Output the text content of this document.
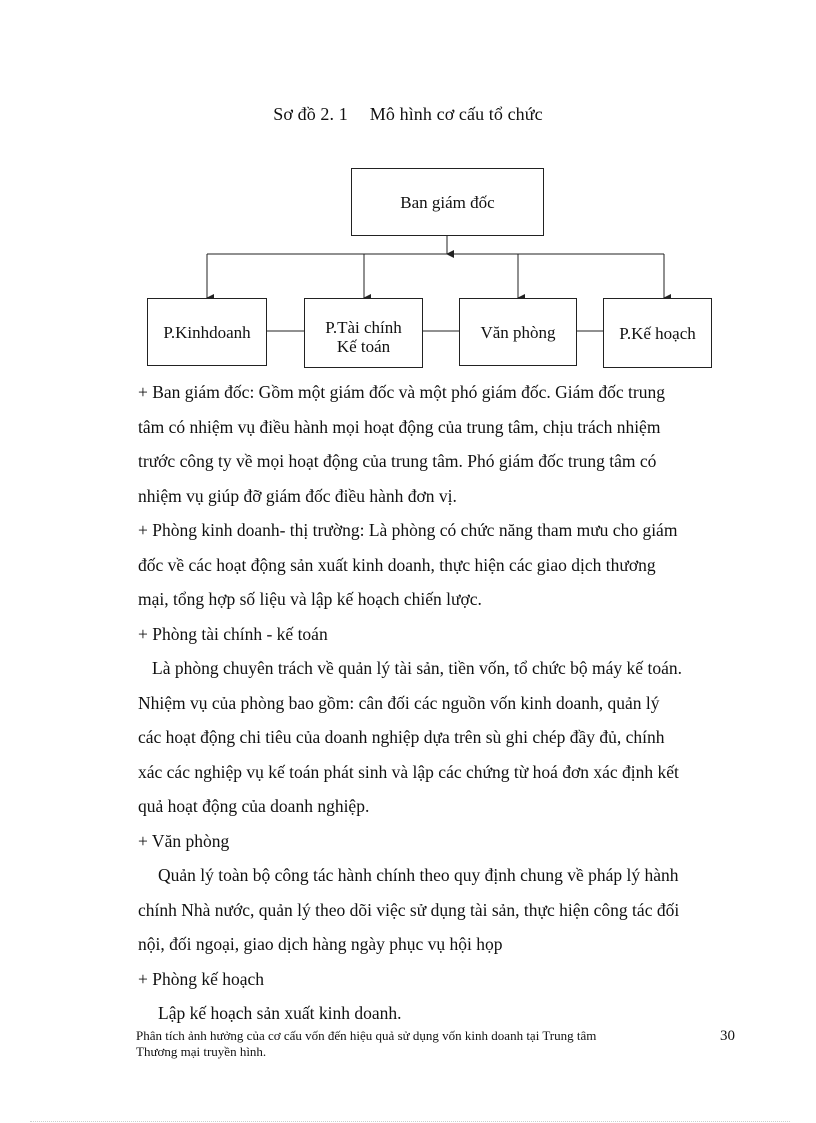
Sơ đồ 2. 1 Mô hình cơ cấu tổ chức
Ban giám đốc
P.Kinhdoanh	P.Tài chính
Kế toán
Văn phòng	P.Kế hoạch
+ Ban giám đốc: Gồm một giám đốc và một phó giám đốc. Giám đốc trung
tâm có nhiệm vụ điều hành mọi hoạt động của trung tâm, chịu trách nhiệm
trước công ty về mọi hoạt động của trung tâm. Phó giám đốc trung tâm có
nhiệm vụ giúp đỡ giám đốc điều hành đơn vị.
+ Phòng kinh doanh- thị trường: Là phòng có chức năng tham mưu cho giám
đốc về các hoạt động sản xuất kinh doanh, thực hiện các giao dịch thương
mại, tổng hợp số liệu và lập kế hoạch chiến lược.
+ Phòng tài chính - kế toán
Là phòng chuyên trách về quản lý tài sản, tiền vốn, tổ chức bộ máy kế toán.
Nhiệm vụ của phòng bao gồm: cân đối các nguồn vốn kinh doanh, quản lý
các hoạt động chi tiêu của doanh nghiệp dựa trên sù ghi chép đầy đủ, chính
xác các nghiệp vụ kế toán phát sinh và lập các chứng từ hoá đơn xác định kết
quả hoạt động của doanh nghiệp.
+ Văn phòng
Quản lý toàn bộ công tác hành chính theo quy định chung về pháp lý hành
chính Nhà nước, quản lý theo dõi việc sử dụng tài sản, thực hiện công tác đối
nội, đối ngoại, giao dịch hàng ngày phục vụ hội họp
+ Phòng kế hoạch
Lập kế hoạch sản xuất kinh doanh.
Phân tích ảnh hưởng của cơ cấu vốn đến hiệu quả sử dụng vốn kinh doanh tại Trung tâm
Thương mại truyền hình.
30
